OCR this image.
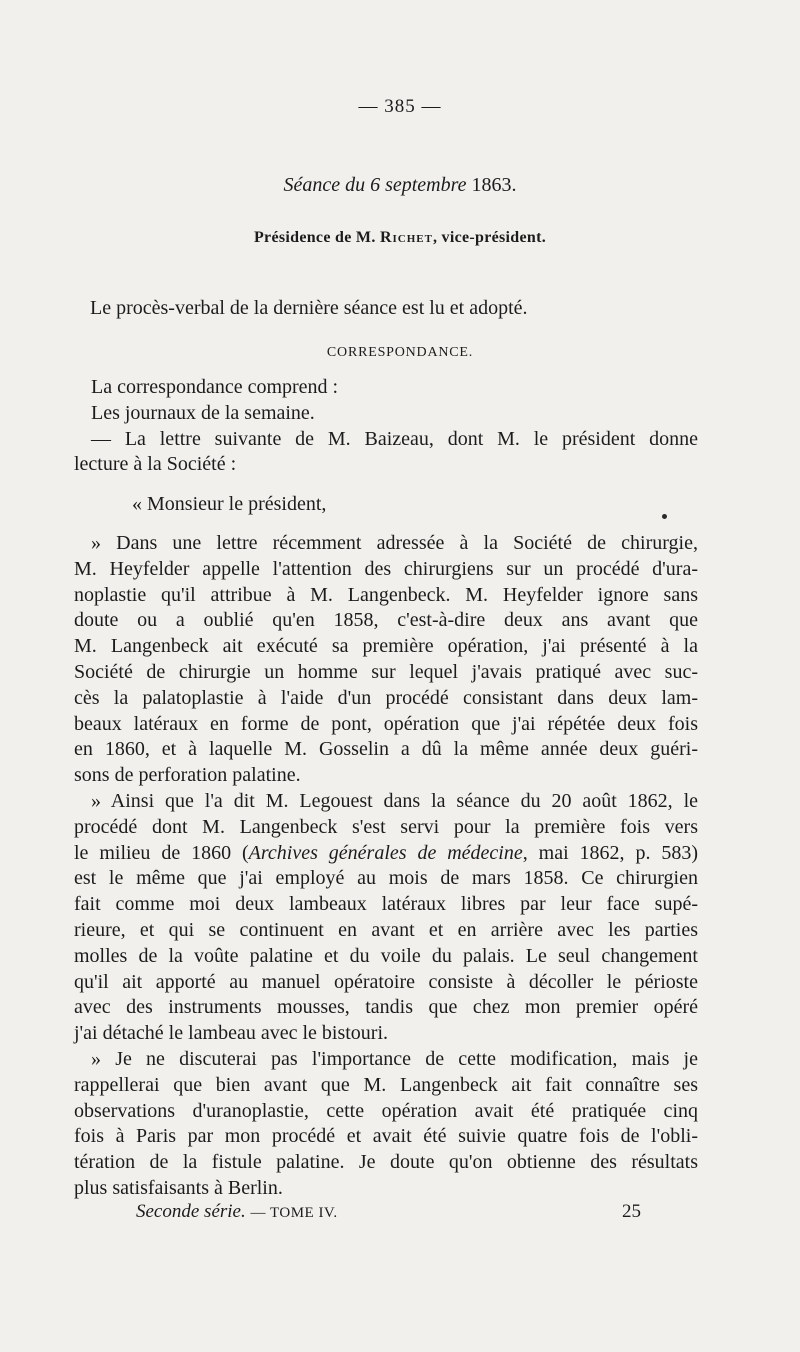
— 385 —
Séance du 6 septembre 1863.
Présidence de M. Richet, vice-président.
Le procès-verbal de la dernière séance est lu et adopté.
CORRESPONDANCE.
La correspondance comprend :
Les journaux de la semaine.
— La lettre suivante de M. Baizeau, dont M. le président donne
lecture à la Société :
« Monsieur le président,
» Dans une lettre récemment adressée à la Société de chirurgie,
M. Heyfelder appelle l'attention des chirurgiens sur un procédé d'ura-
noplastie qu'il attribue à M. Langenbeck. M. Heyfelder ignore sans
doute ou a oublié qu'en 1858, c'est-à-dire deux ans avant que
M. Langenbeck ait exécuté sa première opération, j'ai présenté à la
Société de chirurgie un homme sur lequel j'avais pratiqué avec suc-
cès la palatoplastie à l'aide d'un procédé consistant dans deux lam-
beaux latéraux en forme de pont, opération que j'ai répétée deux fois
en 1860, et à laquelle M. Gosselin a dû la même année deux guéri-
sons de perforation palatine.
» Ainsi que l'a dit M. Legouest dans la séance du 20 août 1862, le
procédé dont M. Langenbeck s'est servi pour la première fois vers
le milieu de 1860 (Archives générales de médecine, mai 1862, p. 583)
est le même que j'ai employé au mois de mars 1858. Ce chirurgien
fait comme moi deux lambeaux latéraux libres par leur face supé-
rieure, et qui se continuent en avant et en arrière avec les parties
molles de la voûte palatine et du voile du palais. Le seul changement
qu'il ait apporté au manuel opératoire consiste à décoller le périoste
avec des instruments mousses, tandis que chez mon premier opéré
j'ai détaché le lambeau avec le bistouri.
» Je ne discuterai pas l'importance de cette modification, mais je
rappellerai que bien avant que M. Langenbeck ait fait connaître ses
observations d'uranoplastie, cette opération avait été pratiquée cinq
fois à Paris par mon procédé et avait été suivie quatre fois de l'obli-
tération de la fistule palatine. Je doute qu'on obtienne des résultats
plus satisfaisants à Berlin.
Seconde série. — TOME IV.	25
